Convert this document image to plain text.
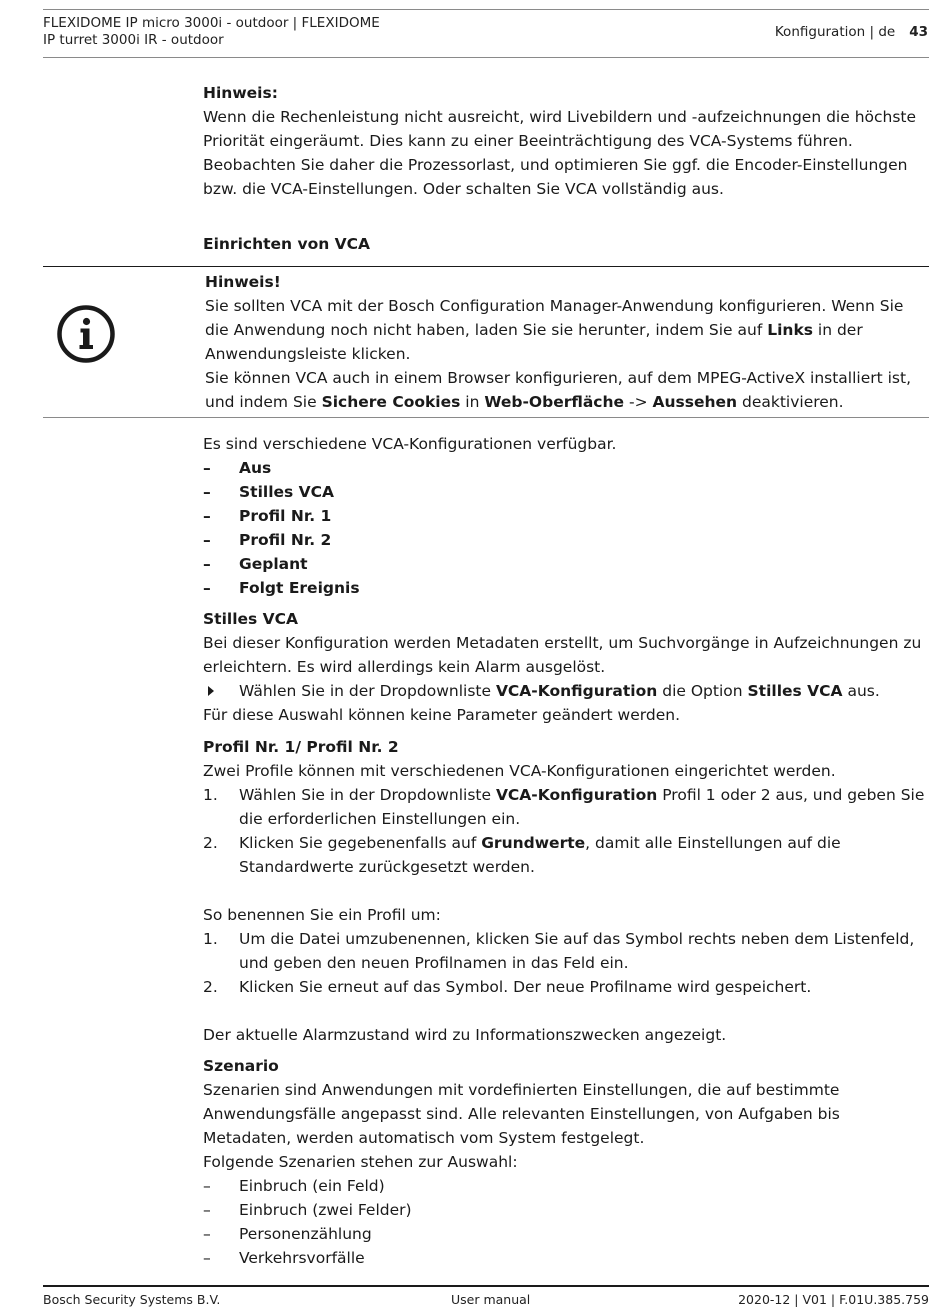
FLEXIDOME IP micro 3000i - outdoor | FLEXIDOME
IP turret 3000i IR - outdoor	Konfiguration | de 43

Hinweis:

Wenn die Rechenleistung nicht ausreicht, wird Livebildern und -aufzeichnungen die höchste Priorität eingeräumt. Dies kann zu einer Beeinträchtigung des VCA-Systems führen. Beobachten Sie daher die Prozessorlast, und optimieren Sie ggf. die Encoder-Einstellungen bzw. die VCA-Einstellungen. Oder schalten Sie VCA vollständig aus.

Einrichten von VCA

Hinweis!

Sie sollten VCA mit der Bosch Configuration Manager-Anwendung konfigurieren. Wenn Sie die Anwendung noch nicht haben, laden Sie sie herunter, indem Sie auf Links in der Anwendungsleiste klicken.

Sie können VCA auch in einem Browser konfigurieren, auf dem MPEG-ActiveX installiert ist, und indem Sie Sichere Cookies in Web-Oberfläche -> Aussehen deaktivieren.

Es sind verschiedene VCA-Konfigurationen verfügbar.

– Aus
– Stilles VCA
– Profil Nr. 1
– Profil Nr. 2
– Geplant
– Folgt Ereignis

Stilles VCA

Bei dieser Konfiguration werden Metadaten erstellt, um Suchvorgänge in Aufzeichnungen zu erleichtern. Es wird allerdings kein Alarm ausgelöst.

Wählen Sie in der Dropdownliste VCA-Konfiguration die Option Stilles VCA aus.

Für diese Auswahl können keine Parameter geändert werden.

Profil Nr. 1/ Profil Nr. 2

Zwei Profile können mit verschiedenen VCA-Konfigurationen eingerichtet werden.

1. Wählen Sie in der Dropdownliste VCA-Konfiguration Profil 1 oder 2 aus, und geben Sie die erforderlichen Einstellungen ein.
2. Klicken Sie gegebenenfalls auf Grundwerte, damit alle Einstellungen auf die Standardwerte zurückgesetzt werden.

So benennen Sie ein Profil um:

1. Um die Datei umzubenennen, klicken Sie auf das Symbol rechts neben dem Listenfeld, und geben den neuen Profilnamen in das Feld ein.
2. Klicken Sie erneut auf das Symbol. Der neue Profilname wird gespeichert.

Der aktuelle Alarmzustand wird zu Informationszwecken angezeigt.

Szenario

Szenarien sind Anwendungen mit vordefinierten Einstellungen, die auf bestimmte Anwendungsfälle angepasst sind. Alle relevanten Einstellungen, von Aufgaben bis Metadaten, werden automatisch vom System festgelegt.

Folgende Szenarien stehen zur Auswahl:

– Einbruch (ein Feld)
– Einbruch (zwei Felder)
– Personenzählung
– Verkehrsvorfälle
Bosch Security Systems B.V.	User manual	2020-12 | V01 | F.01U.385.759
